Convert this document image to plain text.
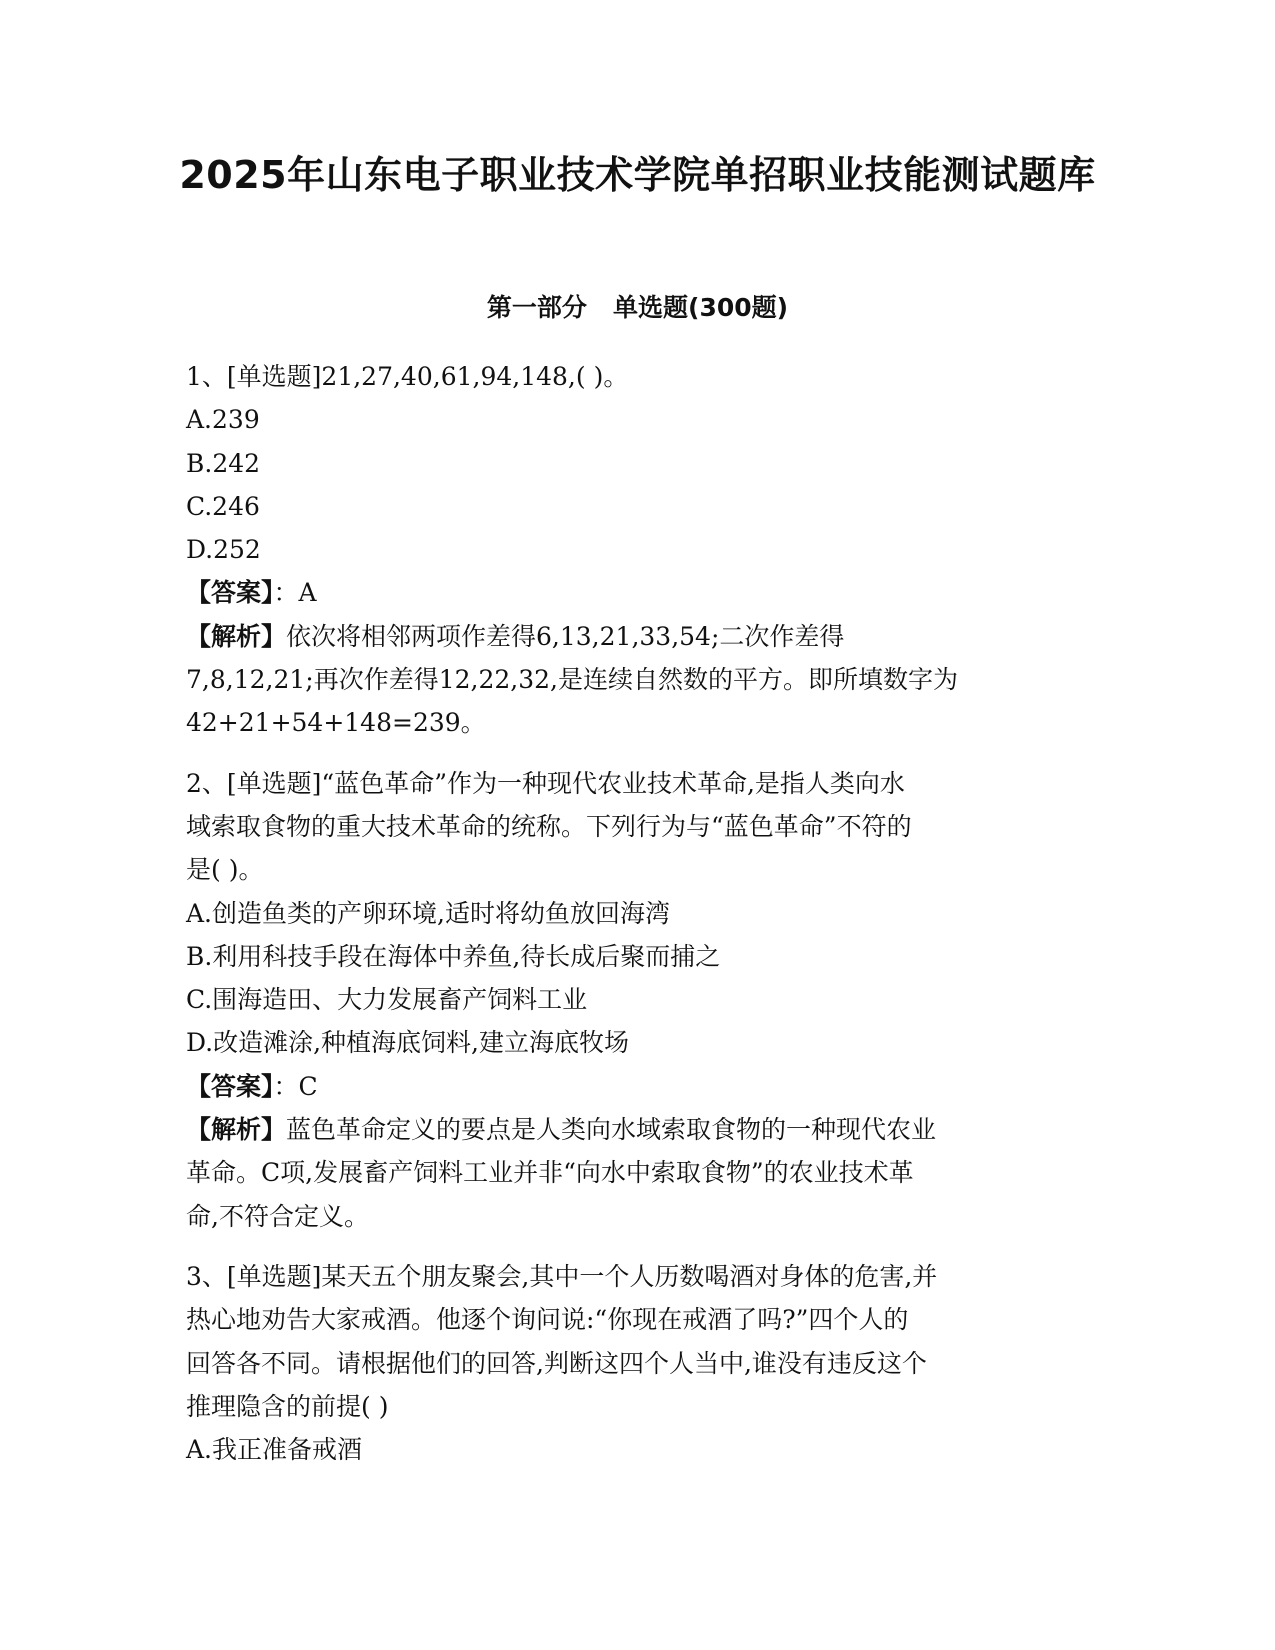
2025年山东电子职业技术学院单招职业技能测试题库
第一部分   单选题(300题)
1、[单选题]21,27,40,61,94,148,( )。
A.239
B.242
C.246
D.252
【答案】：A
【解析】依次将相邻两项作差得6,13,21,33,54;二次作差得
7,8,12,21;再次作差得12,22,32,是连续自然数的平方。即所填数字为
42+21+54+148=239。
2、[单选题]“蓝色革命”作为一种现代农业技术革命,是指人类向水
域索取食物的重大技术革命的统称。下列行为与“蓝色革命”不符的
是( )。
A.创造鱼类的产卵环境,适时将幼鱼放回海湾
B.利用科技手段在海体中养鱼,待长成后聚而捕之
C.围海造田、大力发展畜产饲料工业
D.改造滩涂,种植海底饲料,建立海底牧场
【答案】：C
【解析】蓝色革命定义的要点是人类向水域索取食物的一种现代农业
革命。C项,发展畜产饲料工业并非“向水中索取食物”的农业技术革
命,不符合定义。
3、[单选题]某天五个朋友聚会,其中一个人历数喝酒对身体的危害,并
热心地劝告大家戒酒。他逐个询问说:“你现在戒酒了吗?”四个人的
回答各不同。请根据他们的回答,判断这四个人当中,谁没有违反这个
推理隐含的前提( )
A.我正准备戒酒
